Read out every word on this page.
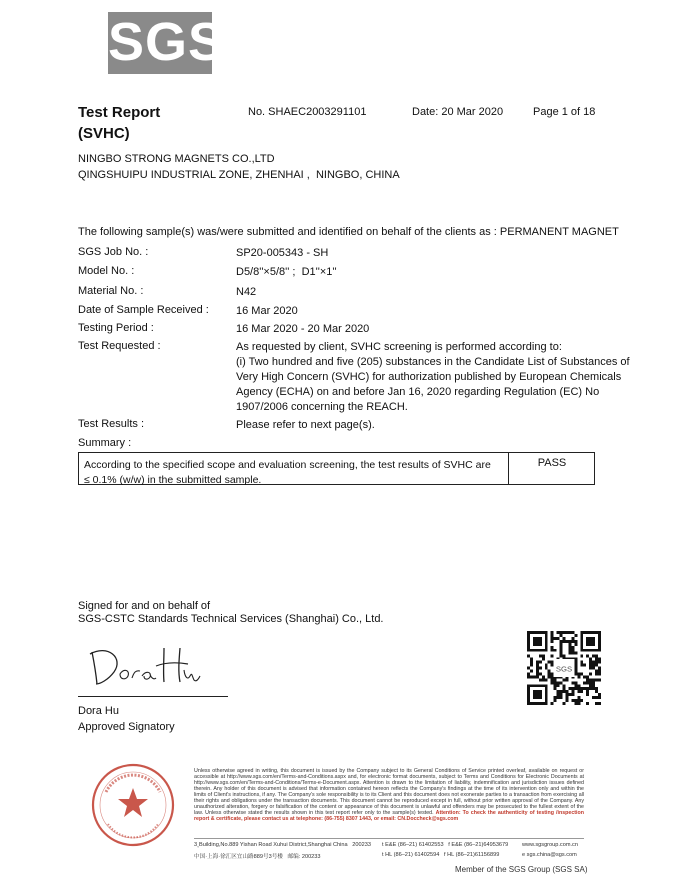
SGS
Test Report
(SVHC)
No. SHAEC2003291101	Date: 20 Mar 2020	Page 1 of 18
NINGBO STRONG MAGNETS CO.,LTD
QINGSHUIPU INDUSTRIAL ZONE, ZHENHAI ,  NINGBO, CHINA
The following sample(s) was/were submitted and identified on behalf of the clients as : PERMANENT MAGNET
SGS Job No. :	SP20-005343 - SH
Model No. :	D5/8''×5/8'' ;  D1''×1''
Material No. :	N42
Date of Sample Received : 16 Mar 2020
Testing Period :	16 Mar 2020 - 20 Mar 2020
Test Requested :	As requested by client, SVHC screening is performed according to:
(i) Two hundred and five (205) substances in the Candidate List of Substances of
Very High Concern (SVHC) for authorization published by European Chemicals
Agency (ECHA) on and before Jan 16, 2020 regarding Regulation (EC) No
1907/2006 concerning the REACH.
Test Results :	Please refer to next page(s).
Summary :
According to the specified scope and evaluation screening, the test results of SVHC are
≤ 0.1% (w/w) in the submitted sample.
PASS
Signed for and on behalf of
SGS-CSTC Standards Technical Services (Shanghai) Co., Ltd.
Dora Hu
Approved Signatory
SGS
Unless otherwise agreed in writing, this document is issued by the Company subject to its General Conditions of Service printed overleaf, available on request or accessible at http://www.sgs.com/en/Terms-and-Conditions.aspx and, for electronic format documents, subject to Terms and Conditions for Electronic Documents at http://www.sgs.com/en/Terms-and-Conditions/Terms-e-Document.aspx. Attention is drawn to the limitation of liability, indemnification and jurisdiction issues defined therein. Any holder of this document is advised that information contained hereon reflects the Company's findings at the time of its intervention only and within the limits of Client's instructions, if any. The Company's sole responsibility is to its Client and this document does not exonerate parties to a transaction from exercising all their rights and obligations under the transaction documents. This document cannot be reproduced except in full, without prior written approval of the Company. Any unauthorized alteration, forgery or falsification of the content or appearance of this document is unlawful and offenders may be prosecuted to the fullest extent of the law. Unless otherwise stated the results shown in this test report refer only to the sample(s) tested. Attention: To check the authenticity of testing /inspection report & certificate, please contact us at telephone: (86-755) 8307 1443, or email: CN.Doccheck@sgs.com
3˳Building,No.889 Yishan Road Xuhui District,Shanghai China   200233 t E&E (86–21) 61402553   f E&E (86–21)64953679 www.sgsgroup.com.cn
中国·上海·徐汇区宜山路889号3号楼   邮编: 200233	t HL (86–21) 61402594   f HL (86–21)61156899	e sgs.china@sgs.com
Member of the SGS Group (SGS SA)
